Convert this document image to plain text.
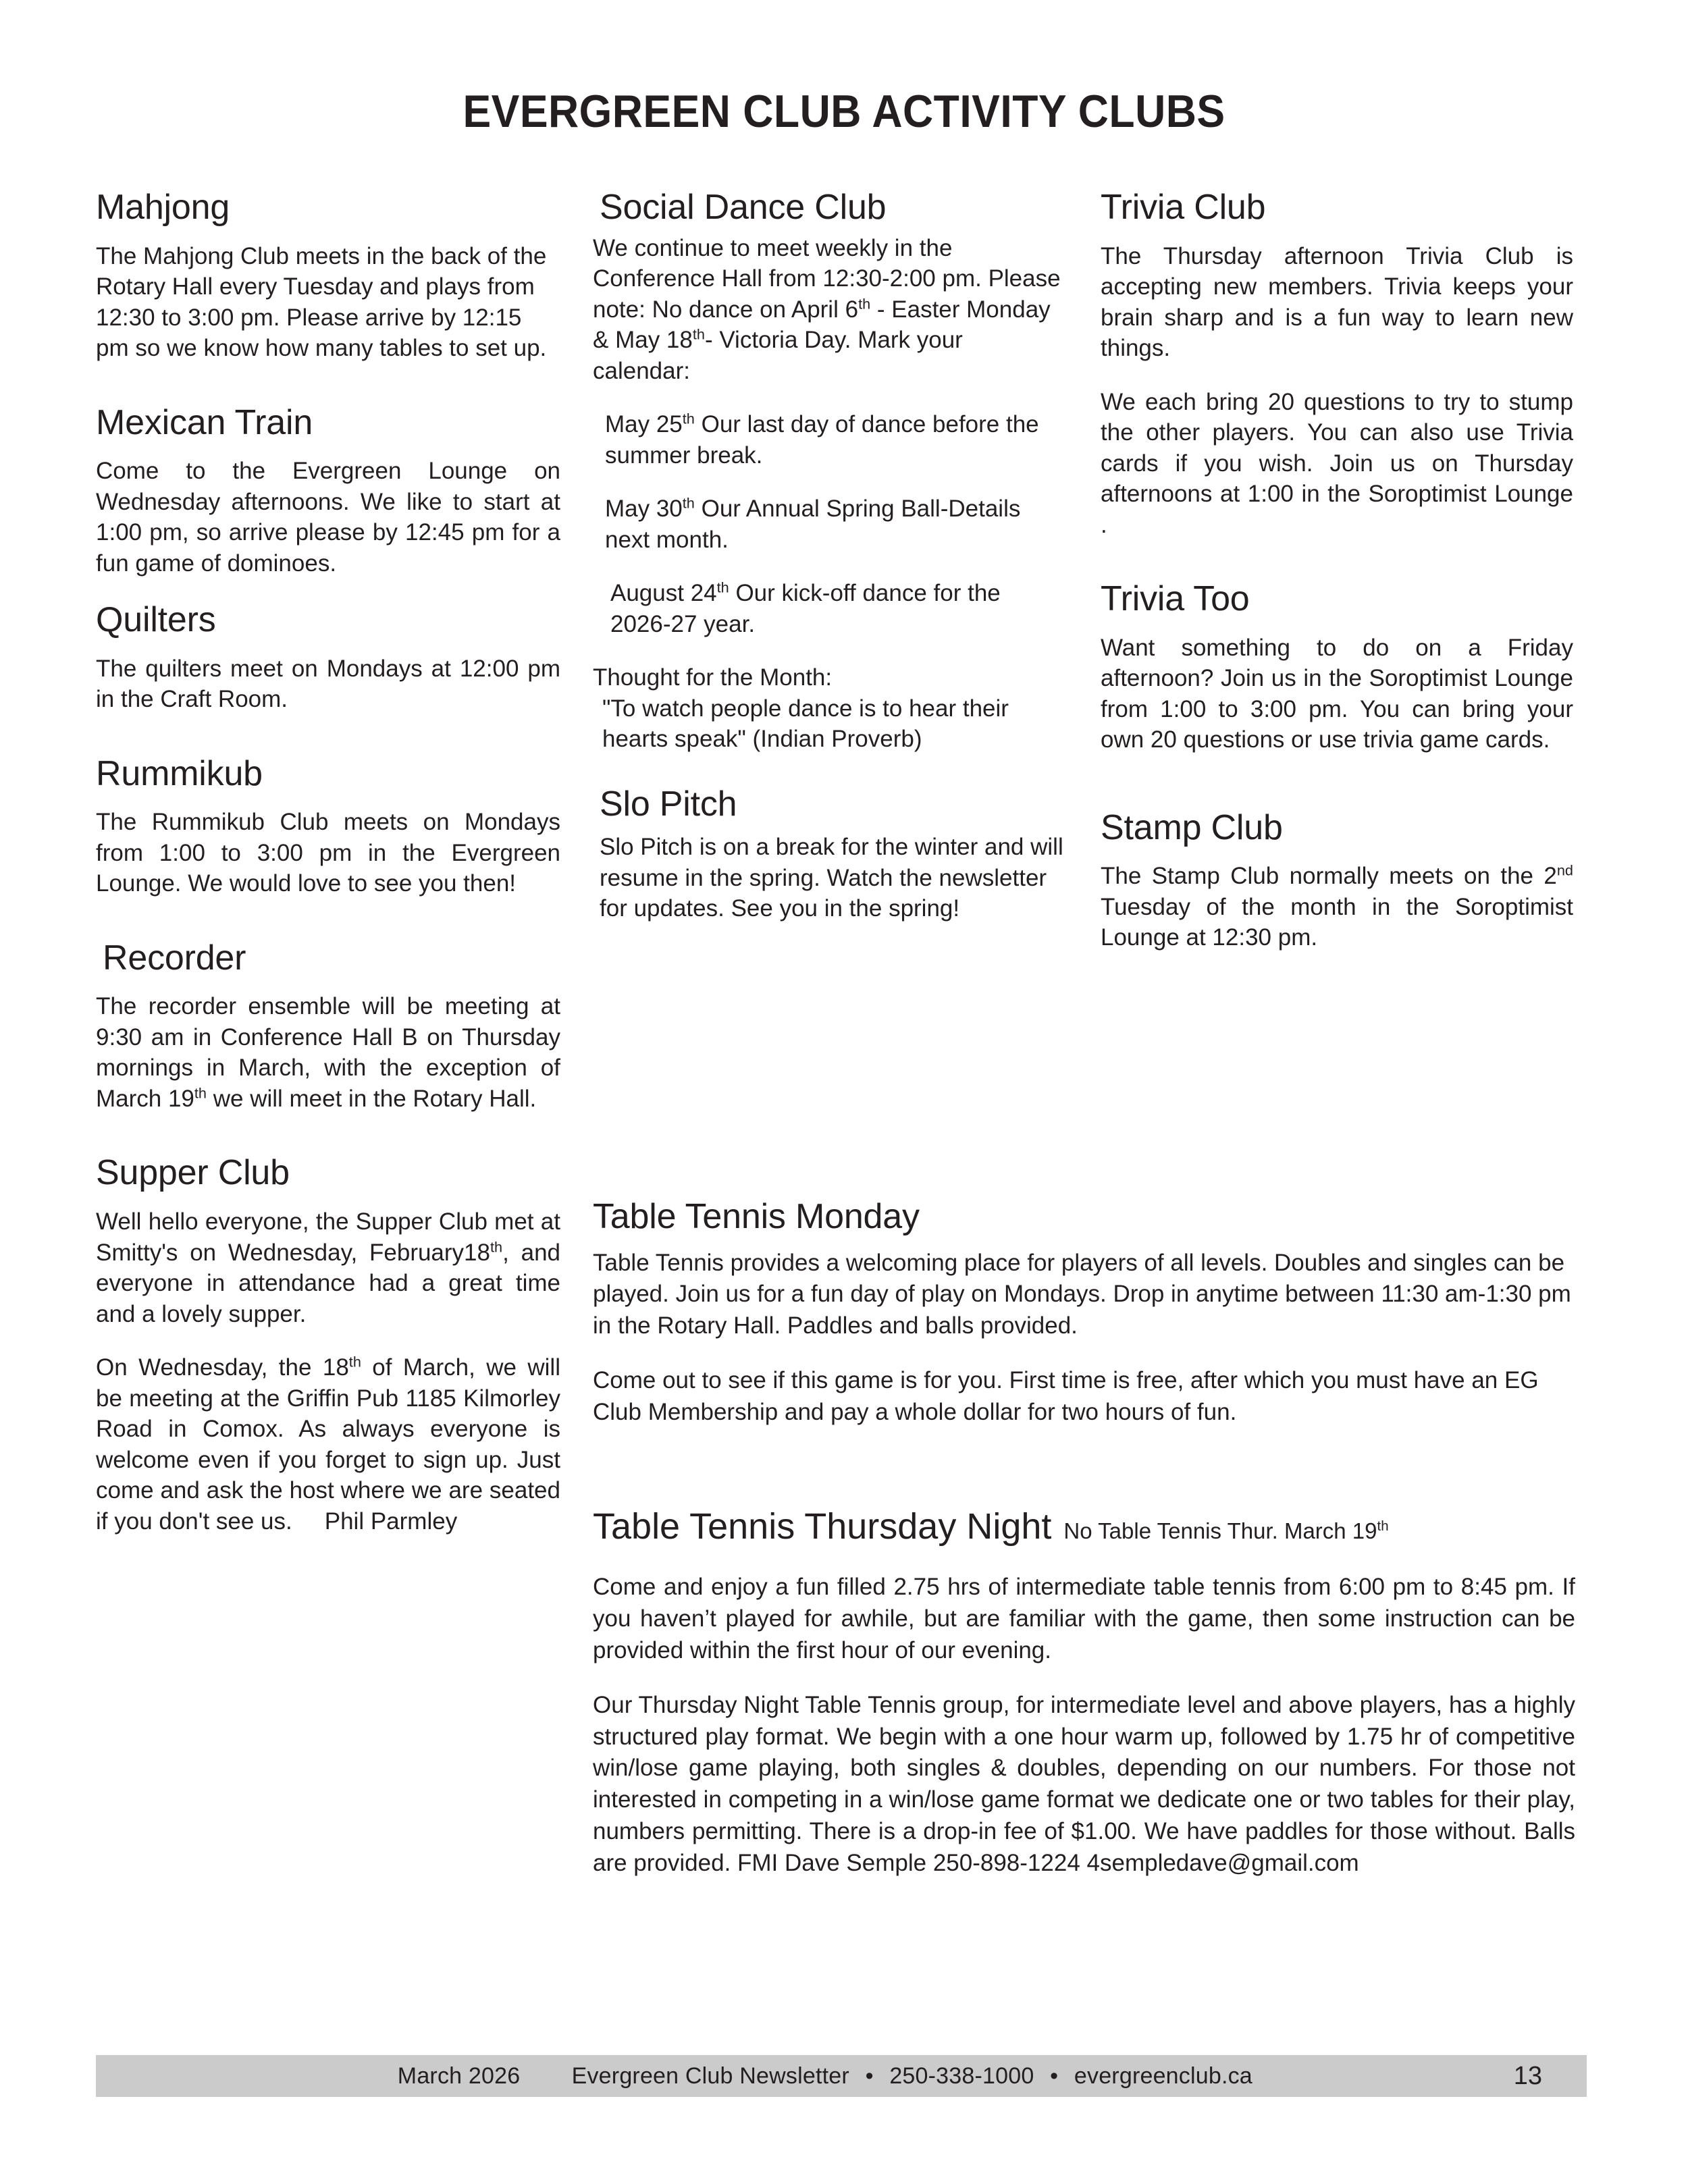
EVERGREEN CLUB ACTIVITY CLUBS
Mahjong

The Mahjong Club meets in the back of the Rotary Hall every Tuesday and plays from 12:30 to 3:00 pm. Please arrive by 12:15 pm so we know how many tables to set up.

Mexican Train

Come to the Evergreen Lounge on Wednesday afternoons. We like to start at 1:00 pm, so arrive please by 12:45 pm for a fun game of dominoes.

Quilters

The quilters meet on Mondays at 12:00 pm in the Craft Room.

Rummikub

The Rummikub Club meets on Mondays from 1:00 to 3:00 pm in the Evergreen Lounge. We would love to see you then!

Recorder

The recorder ensemble will be meeting at 9:30 am in Conference Hall B on Thursday mornings in March, with the exception of March 19th we will meet in the Rotary Hall.

Supper Club

Well hello everyone, the Supper Club met at Smitty's on Wednesday, February18th, and everyone in attendance had a great time and a lovely supper.

On Wednesday, the 18th of March, we will be meeting at the Griffin Pub 1185 Kilmorley Road in Comox. As always everyone is welcome even if you forget to sign up. Just come and ask the host where we are seated if you don't see us. Phil Parmley

Social Dance Club

We continue to meet weekly in the Conference Hall from 12:30-2:00 pm. Please note: No dance on April 6th - Easter Monday & May 18th- Victoria Day. Mark your calendar:

May 25th Our last day of dance before the summer break.
May 30th Our Annual Spring Ball-Details next month.
August 24th Our kick-off dance for the 2026-27 year.

Thought for the Month:

"To watch people dance is to hear their hearts speak" (Indian Proverb)

Slo Pitch

Slo Pitch is on a break for the winter and will resume in the spring. Watch the newsletter for updates. See you in the spring!

Trivia Club

The Thursday afternoon Trivia Club is accepting new members. Trivia keeps your brain sharp and is a fun way to learn new things.

We each bring 20 questions to try to stump the other players. You can also use Trivia cards if you wish. Join us on Thursday afternoons at 1:00 in the Soroptimist Lounge .

Trivia Too

Want something to do on a Friday afternoon? Join us in the Soroptimist Lounge from 1:00 to 3:00 pm. You can bring your own 20 questions or use trivia game cards.

Stamp Club

The Stamp Club normally meets on the 2nd Tuesday of the month in the Soroptimist Lounge at 12:30 pm.

Table Tennis Monday

Table Tennis provides a welcoming place for players of all levels. Doubles and singles can be played. Join us for a fun day of play on Mondays. Drop in anytime between 11:30 am-1:30 pm in the Rotary Hall. Paddles and balls provided.

Come out to see if this game is for you. First time is free, after which you must have an EG Club Membership and pay a whole dollar for two hours of fun.

Table Tennis Thursday Night No Table Tennis Thur. March 19th

Come and enjoy a fun filled 2.75 hrs of intermediate table tennis from 6:00 pm to 8:45 pm. If you haven’t played for awhile, but are familiar with the game, then some instruction can be provided within the first hour of our evening.

Our Thursday Night Table Tennis group, for intermediate level and above players, has a highly structured play format. We begin with a one hour warm up, followed by 1.75 hr of competitive win/lose game playing, both singles & doubles, depending on our numbers. For those not interested in competing in a win/lose game format we dedicate one or two tables for their play, numbers permitting. There is a drop-in fee of $1.00. We have paddles for those without. Balls are provided. FMI Dave Semple 250-898-1224 4sempledave@gmail.com

March 2026 Evergreen Club Newsletter • 250-338-1000 • evergreenclub.ca	13
